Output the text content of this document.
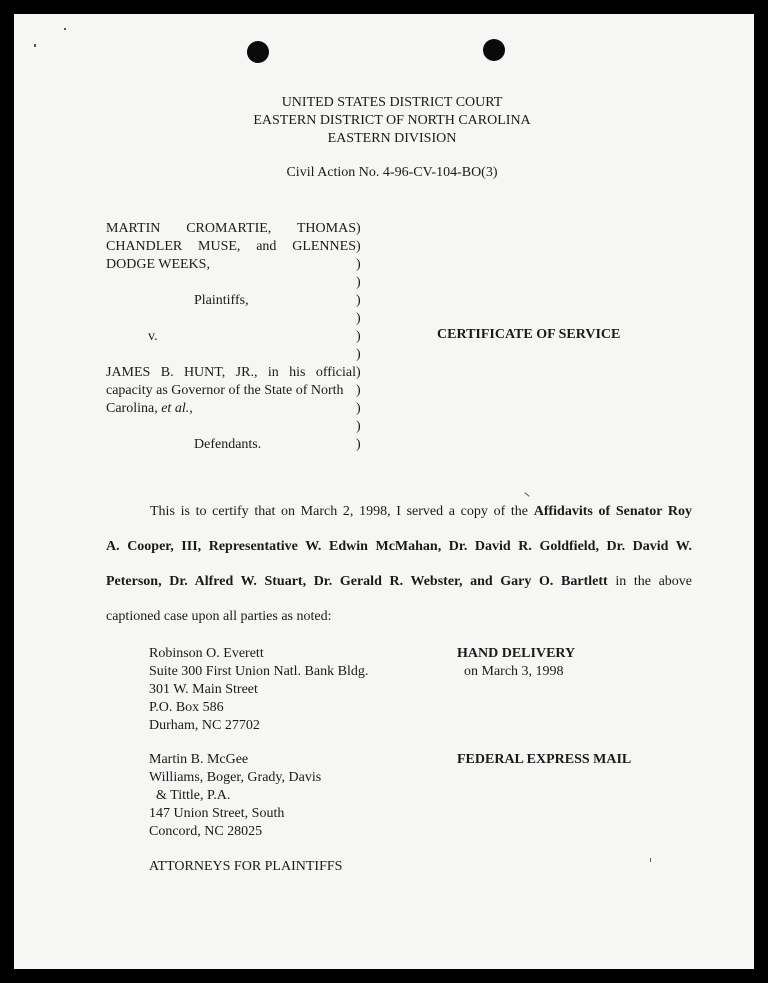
UNITED STATES DISTRICT COURT
EASTERN DISTRICT OF NORTH CAROLINA
EASTERN DIVISION
Civil Action No. 4-96-CV-104-BO(3)
MARTIN CROMARTIE, THOMAS
CHANDLER MUSE, and GLENNES
DODGE WEEKS,
Plaintiffs,
v.
JAMES B. HUNT, JR., in his official
capacity as Governor of the State of North
Carolina, et al.,
Defendants.
)
)
)
)
)
)
)
)
)
)
)
)
)
CERTIFICATE OF SERVICE
This is to certify that on March 2, 1998, I served a copy of the Affidavits of Senator Roy
A. Cooper, III, Representative W. Edwin McMahan, Dr. David R. Goldfield, Dr. David W.
Peterson, Dr. Alfred W. Stuart, Dr. Gerald R. Webster, and Gary O. Bartlett in the above
captioned case upon all parties as noted:
Robinson O. Everett
Suite 300 First Union Natl. Bank Bldg.
301 W. Main Street
P.O. Box 586
Durham, NC 27702
HAND DELIVERY
on March 3, 1998
Martin B. McGee
Williams, Boger, Grady, Davis
& Tittle, P.A.
147 Union Street, South
Concord, NC 28025
FEDERAL EXPRESS MAIL
ATTORNEYS FOR PLAINTIFFS
